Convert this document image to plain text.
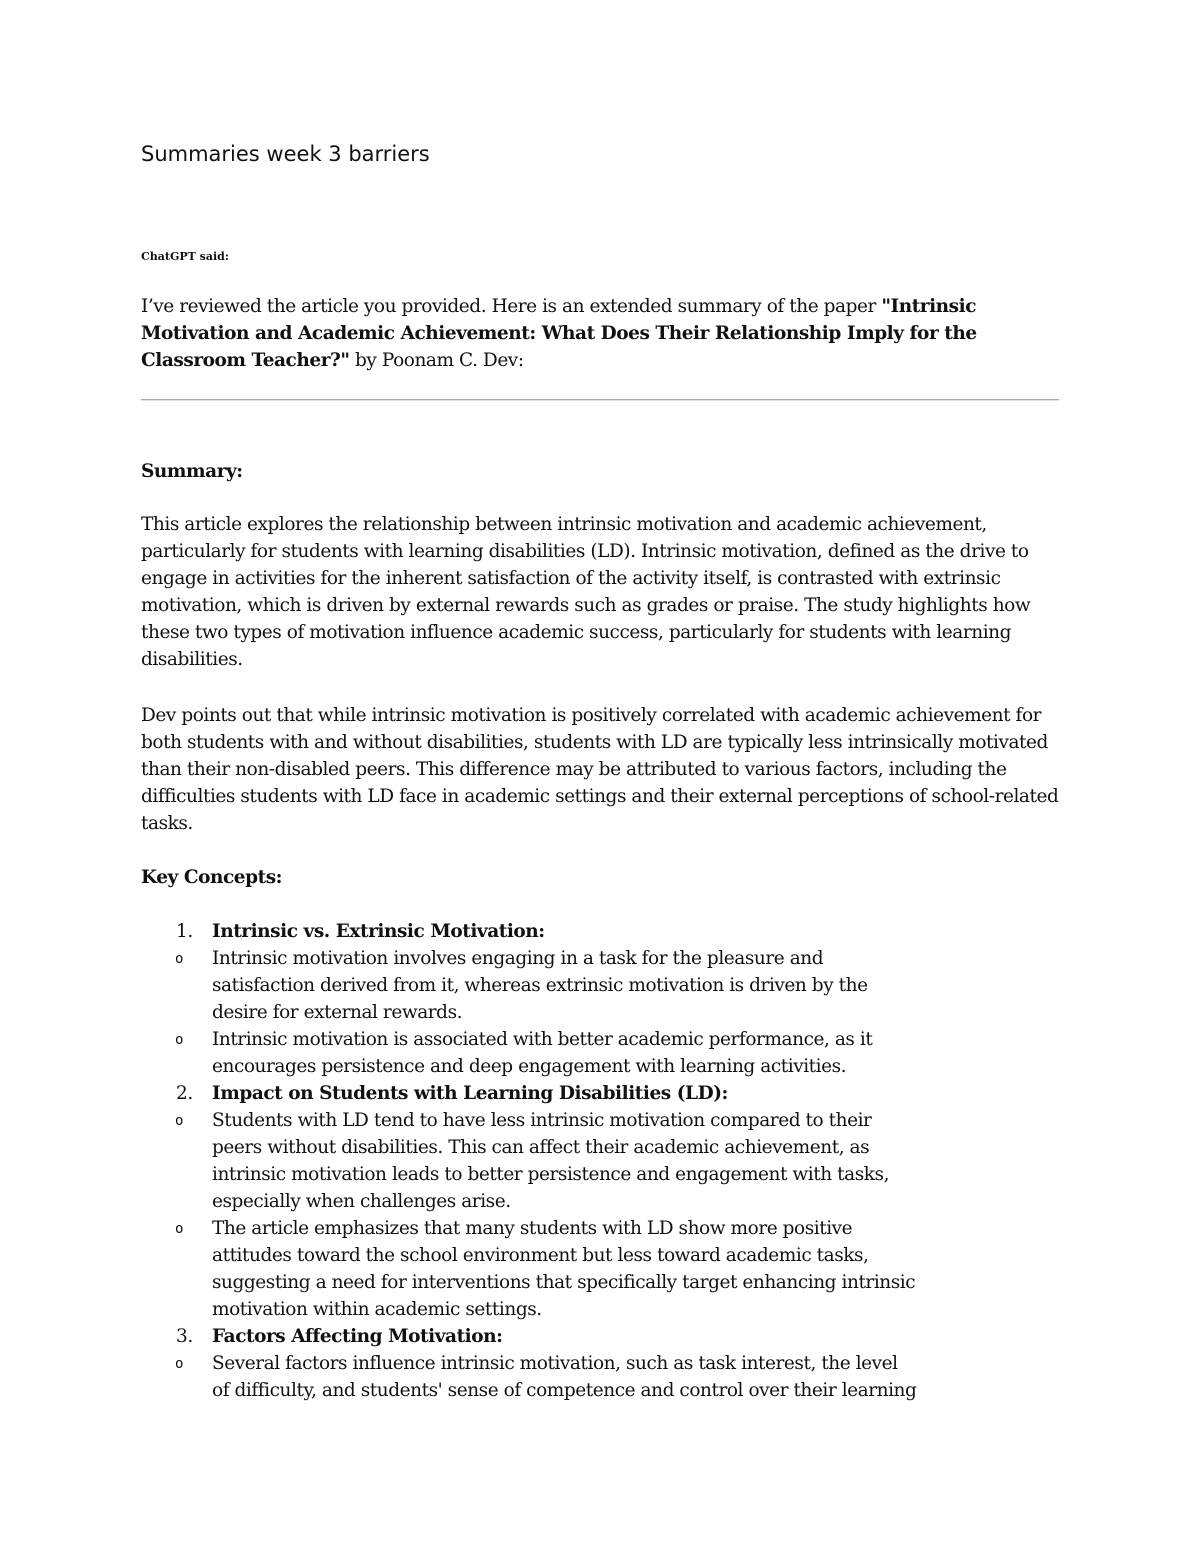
Summaries week 3 barriers
ChatGPT said:

I’ve reviewed the article you provided. Here is an extended summary of the paper "Intrinsic Motivation and Academic Achievement: What Does Their Relationship Imply for the Classroom Teacher?" by Poonam C. Dev:

Summary:

This article explores the relationship between intrinsic motivation and academic achievement, particularly for students with learning disabilities (LD). Intrinsic motivation, defined as the drive to engage in activities for the inherent satisfaction of the activity itself, is contrasted with extrinsic motivation, which is driven by external rewards such as grades or praise. The study highlights how these two types of motivation influence academic success, particularly for students with learning disabilities.

Dev points out that while intrinsic motivation is positively correlated with academic achievement for both students with and without disabilities, students with LD are typically less intrinsically motivated than their non-disabled peers. This difference may be attributed to various factors, including the difficulties students with LD face in academic settings and their external perceptions of school-related tasks.

Key Concepts:

1. Intrinsic vs. Extrinsic Motivation:
o Intrinsic motivation involves engaging in a task for the pleasure and satisfaction derived from it, whereas extrinsic motivation is driven by the desire for external rewards.
o Intrinsic motivation is associated with better academic performance, as it encourages persistence and deep engagement with learning activities.
2. Impact on Students with Learning Disabilities (LD):
o Students with LD tend to have less intrinsic motivation compared to their peers without disabilities. This can affect their academic achievement, as intrinsic motivation leads to better persistence and engagement with tasks, especially when challenges arise.
o The article emphasizes that many students with LD show more positive attitudes toward the school environment but less toward academic tasks, suggesting a need for interventions that specifically target enhancing intrinsic motivation within academic settings.
3. Factors Affecting Motivation:
o Several factors influence intrinsic motivation, such as task interest, the level of difficulty, and students' sense of competence and control over their learning
